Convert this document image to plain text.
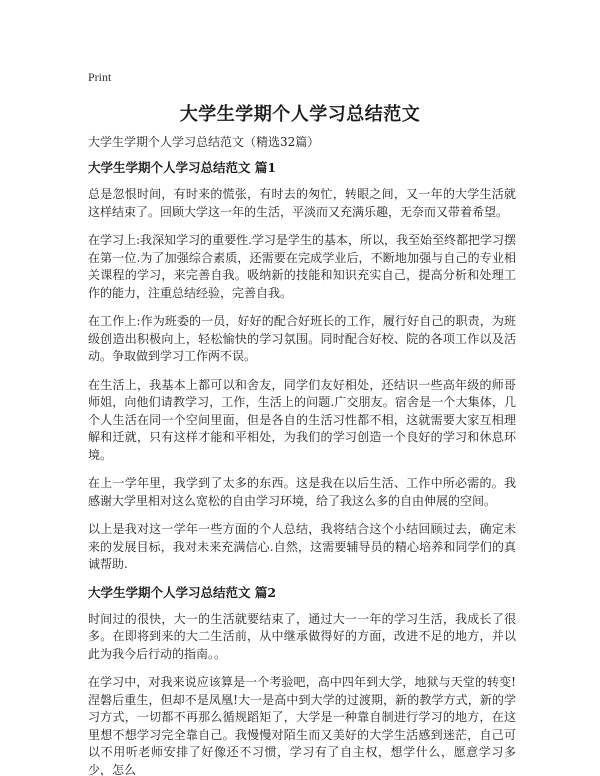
Print
大学生学期个人学习总结范文

大学生学期个人学习总结范文（精选32篇）

大学生学期个人学习总结范文 篇1

总是忽恨时间，有时来的慌张，有时去的匆忙，转眼之间，又一年的大学生活就这样结束了。回顾大学这一年的生活，平淡而又充满乐趣，无奈而又带着希望。

在学习上:我深知学习的重要性.学习是学生的基本，所以，我至始至终都把学习摆在第一位.为了加强综合素质，还需要在完成学业后，不断地加强与自己的专业相关课程的学习，来完善自我。吸纳新的技能和知识充实自己，提高分析和处理工作的能力，注重总结经验，完善自我。

在工作上:作为班委的一员，好好的配合好班长的工作，履行好自己的职责，为班级创造出积极向上，轻松愉快的学习氛围。同时配合好校、院的各项工作以及活动。争取做到学习工作两不误。

在生活上，我基本上都可以和舍友，同学们友好相处，还结识一些高年级的师哥师姐，向他们请教学习，工作，生活上的问题.广交朋友。宿舍是一个大集体，几个人生活在同一个空间里面，但是各自的生活习性都不相，这就需要大家互相理解和迁就，只有这样才能和平相处，为我们的学习创造一个良好的学习和休息环境。

在上一学年里，我学到了太多的东西。这是我在以后生活、工作中所必需的。我感谢大学里相对这么宽松的自由学习环境，给了我这么多的自由伸展的空间。

以上是我对这一学年一些方面的个人总结，我将结合这个小结回顾过去，确定未来的发展目标，我对未来充满信心.自然，这需要辅导员的精心培养和同学们的真诚帮助.

大学生学期个人学习总结范文 篇2

时间过的很快，大一的生活就要结束了，通过大一一年的学习生活，我成长了很多。在即将到来的大二生活前，从中继承做得好的方面，改进不足的地方，并以此为我今后行动的指南。。

在学习中，对我来说应该算是一个考验吧，高中四年到大学，地狱与天堂的转变!涅磐后重生，但却不是凤凰!大一是高中到大学的过渡期，新的教学方式，新的学习方式，一切都不再那么循规蹈矩了，大学是一种靠自制进行学习的地方，在这里想不想学习完全靠自己。我慢慢对陌生而又美好的大学生活感到迷茫，自己可以不用听老师安排了好像还不习惯，学习有了自主权，想学什么，愿意学习多少，怎么
